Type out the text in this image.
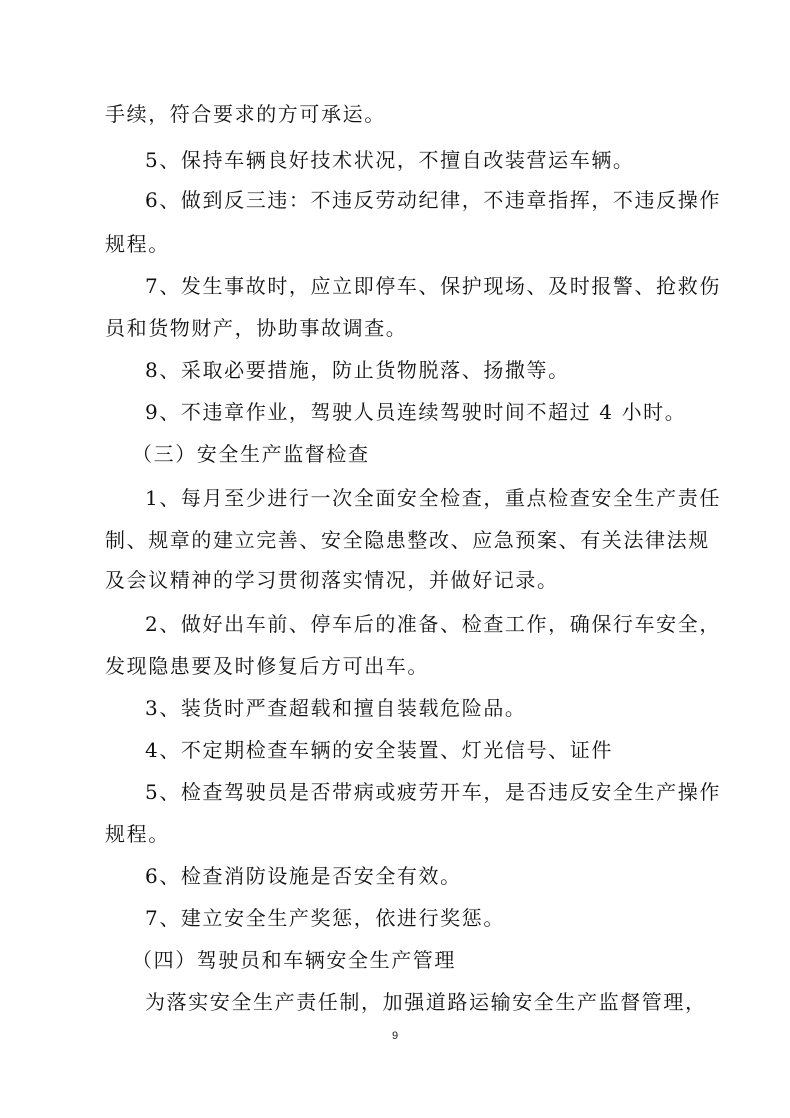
手续，符合要求的方可承运。
5、保持车辆良好技术状况，不擅自改装营运车辆。
6、做到反三违：不违反劳动纪律，不违章指挥，不违反操作
规程。
7、发生事故时，应立即停车、保护现场、及时报警、抢救伤
员和货物财产，协助事故调查。
8、采取必要措施，防止货物脱落、扬撒等。
9、不违章作业，驾驶人员连续驾驶时间不超过 4 小时。
（三）安全生产监督检查
1、每月至少进行一次全面安全检查，重点检查安全生产责任
制、规章的建立完善、安全隐患整改、应急预案、有关法律法规
及会议精神的学习贯彻落实情况，并做好记录。
2、做好出车前、停车后的准备、检查工作，确保行车安全，
发现隐患要及时修复后方可出车。
3、装货时严查超载和擅自装载危险品。
4、不定期检查车辆的安全装置、灯光信号、证件
5、检查驾驶员是否带病或疲劳开车，是否违反安全生产操作
规程。
6、检查消防设施是否安全有效。
7、建立安全生产奖惩，依进行奖惩。
（四）驾驶员和车辆安全生产管理
为落实安全生产责任制，加强道路运输安全生产监督管理，
9
